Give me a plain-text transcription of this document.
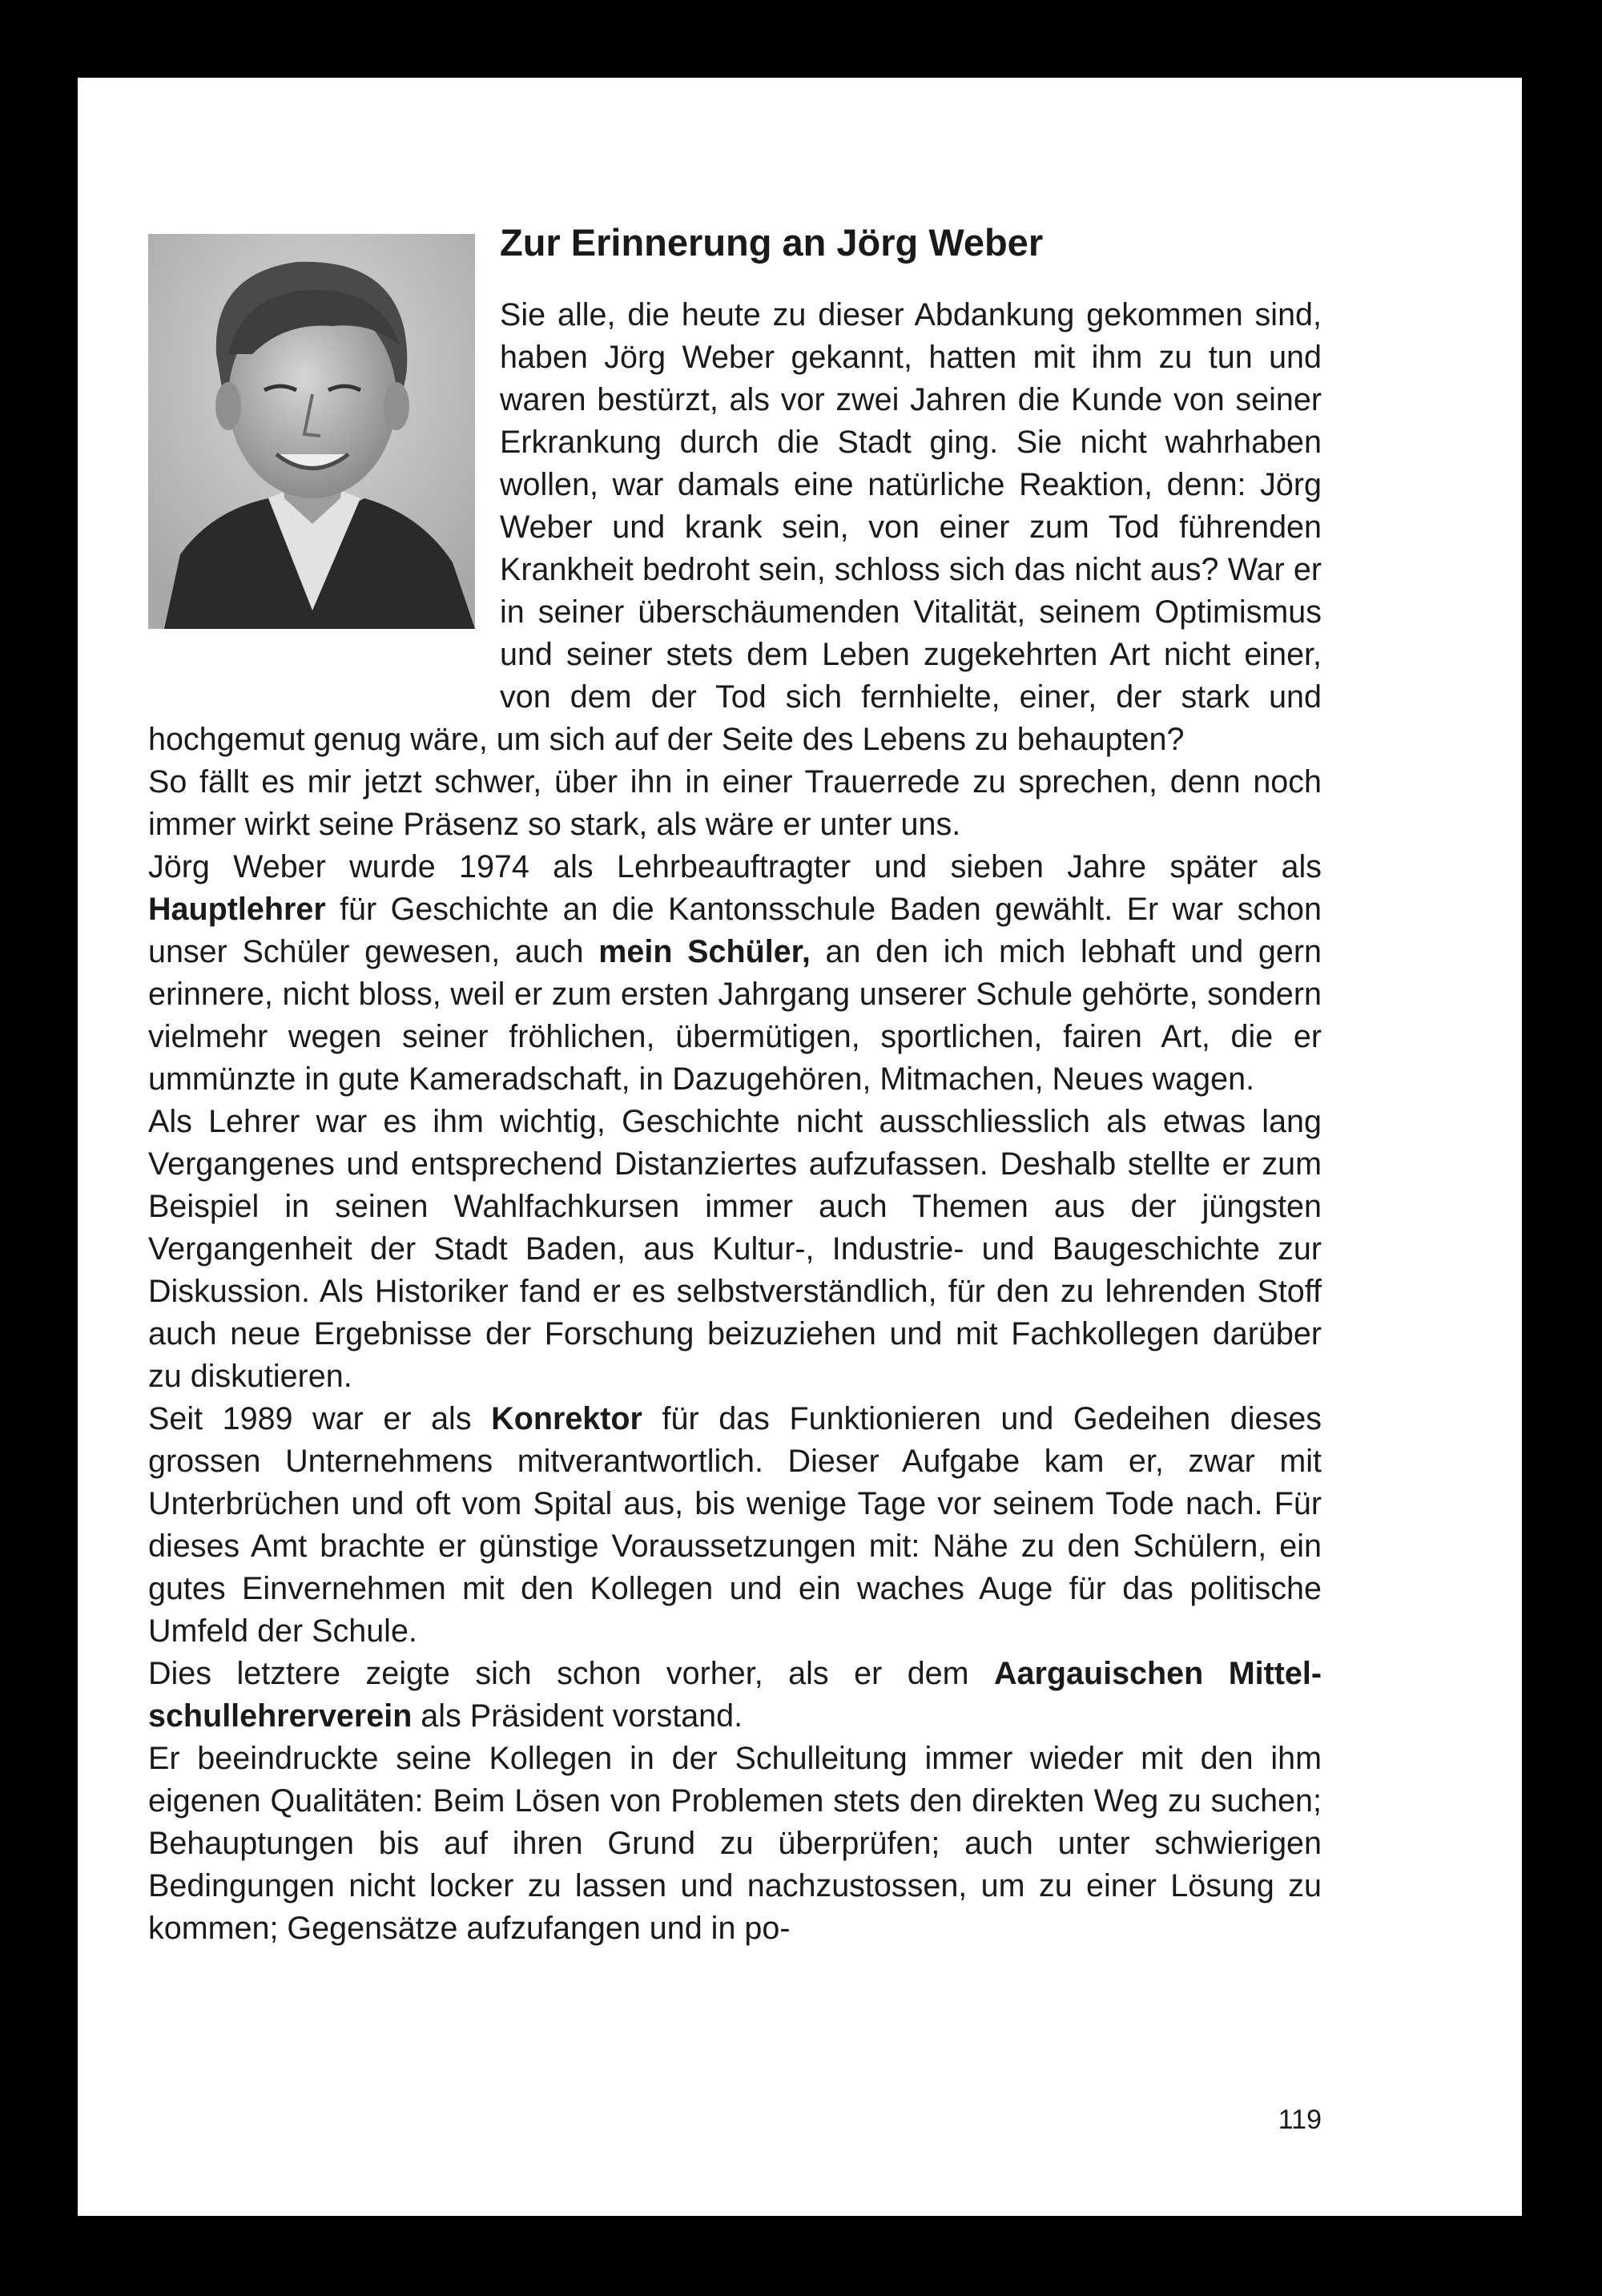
Zur Erinnerung an Jörg Weber

Sie alle, die heute zu dieser Abdankung gekommen sind, haben Jörg Weber gekannt, hatten mit ihm zu tun und waren bestürzt, als vor zwei Jahren die Kunde von seiner Erkrankung durch die Stadt ging. Sie nicht wahrhaben wollen, war damals eine natürliche Reaktion, denn: Jörg Weber und krank sein, von einer zum Tod führenden Krankheit bedroht sein, schloss sich das nicht aus? War er in seiner überschäumenden Vitalität, seinem Optimismus und seiner stets dem Leben zugekehrten Art nicht einer, von dem der Tod sich fernhielte, einer, der stark und hochgemut genug wäre, um sich auf der Seite des Lebens zu behaupten?

So fällt es mir jetzt schwer, über ihn in einer Trauerrede zu sprechen, denn noch immer wirkt seine Präsenz so stark, als wäre er unter uns.

Jörg Weber wurde 1974 als Lehrbeauftragter und sieben Jahre später als Hauptlehrer für Geschichte an die Kantonsschule Baden gewählt. Er war schon unser Schüler gewesen, auch mein Schüler, an den ich mich lebhaft und gern erinnere, nicht bloss, weil er zum ersten Jahrgang unserer Schule gehörte, sondern vielmehr wegen seiner fröhlichen, übermütigen, sportlichen, fairen Art, die er ummünzte in gute Kameradschaft, in Dazugehören, Mitmachen, Neues wagen.

Als Lehrer war es ihm wichtig, Geschichte nicht ausschliesslich als etwas lang Vergangenes und entsprechend Distanziertes aufzufassen. Deshalb stellte er zum Beispiel in seinen Wahlfachkursen immer auch Themen aus der jüngsten Vergangenheit der Stadt Baden, aus Kultur-, Industrie- und Baugeschichte zur Diskussion. Als Historiker fand er es selbstverständlich, für den zu lehrenden Stoff auch neue Ergebnisse der Forschung beizuziehen und mit Fachkollegen darüber zu diskutieren.

Seit 1989 war er als Konrektor für das Funktionieren und Gedeihen dieses grossen Unternehmens mitverantwortlich. Dieser Aufgabe kam er, zwar mit Unterbrüchen und oft vom Spital aus, bis wenige Tage vor seinem Tode nach. Für dieses Amt brachte er günstige Voraussetzungen mit: Nähe zu den Schülern, ein gutes Einvernehmen mit den Kollegen und ein waches Auge für das politische Umfeld der Schule.

Dies letztere zeigte sich schon vorher, als er dem Aargauischen Mittelschullehrerverein als Präsident vorstand.

Er beeindruckte seine Kollegen in der Schulleitung immer wieder mit den ihm eigenen Qualitäten: Beim Lösen von Problemen stets den direkten Weg zu suchen; Behauptungen bis auf ihren Grund zu überprüfen; auch unter schwierigen Bedingungen nicht locker zu lassen und nachzustossen, um zu einer Lösung zu kommen; Gegensätze aufzufangen und in po-

119
